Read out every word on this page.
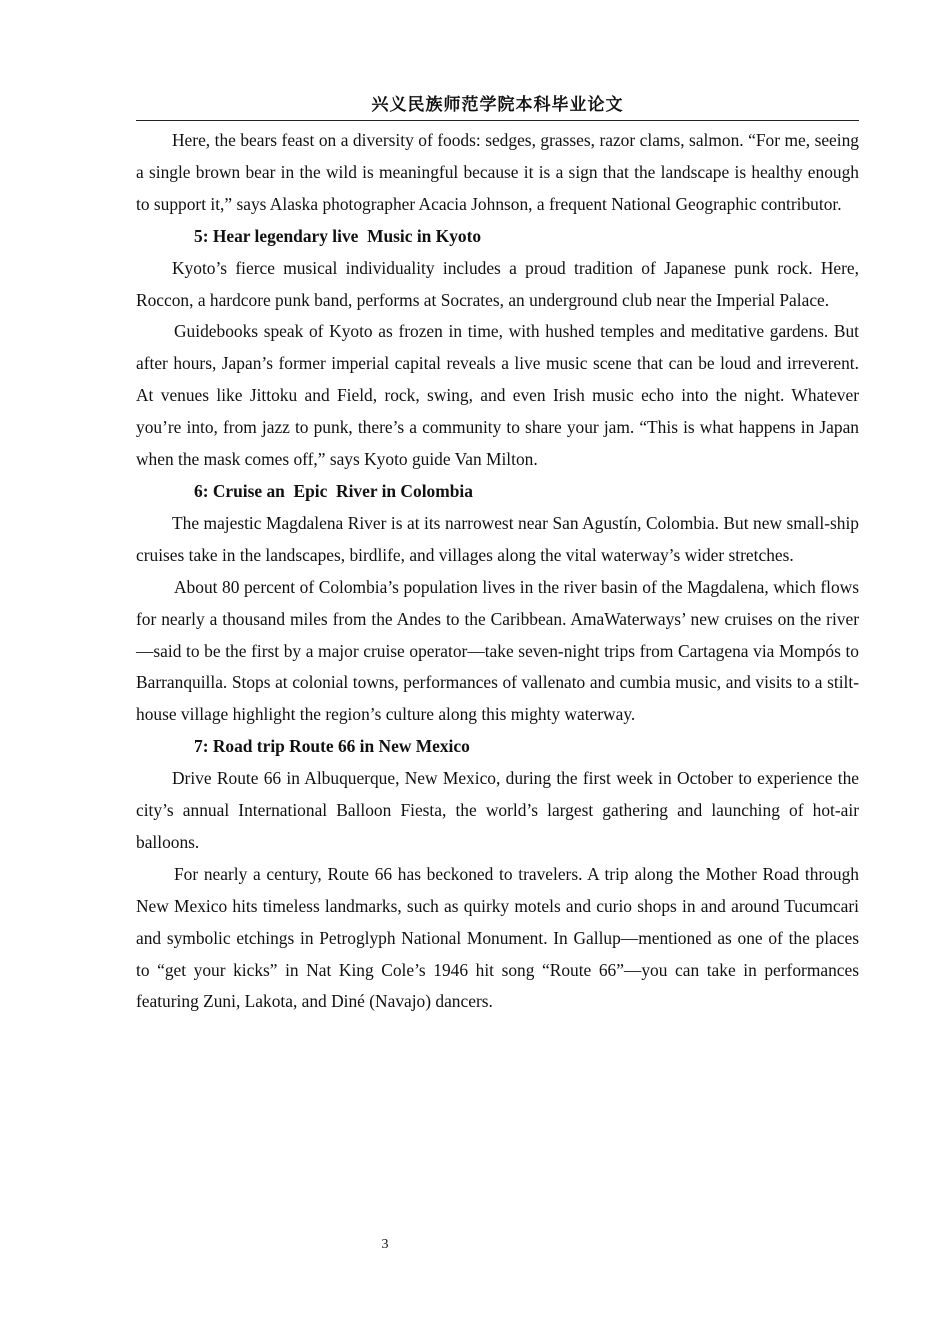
兴义民族师范学院本科毕业论文

Here, the bears feast on a diversity of foods: sedges, grasses, razor clams, salmon. “For me, seeing a single brown bear in the wild is meaningful because it is a sign that the landscape is healthy enough to support it,” says Alaska photographer Acacia Johnson, a frequent National Geographic contributor.

5: Hear legendary live  Music in Kyoto

Kyoto’s fierce musical individuality includes a proud tradition of Japanese punk rock. Here, Roccon, a hardcore punk band, performs at Socrates, an underground club near the Imperial Palace.

Guidebooks speak of Kyoto as frozen in time, with hushed temples and meditative gardens. But after hours, Japan’s former imperial capital reveals a live music scene that can be loud and irreverent. At venues like Jittoku and Field, rock, swing, and even Irish music echo into the night. Whatever you’re into, from jazz to punk, there’s a community to share your jam. “This is what happens in Japan when the mask comes off,” says Kyoto guide Van Milton.

6: Cruise an  Epic  River in Colombia

The majestic Magdalena River is at its narrowest near San Agustín, Colombia. But new small-ship cruises take in the landscapes, birdlife, and villages along the vital waterway’s wider stretches.

About 80 percent of Colombia’s population lives in the river basin of the Magdalena, which flows for nearly a thousand miles from the Andes to the Caribbean. AmaWaterways’ new cruises on the river—said to be the first by a major cruise operator—take seven-night trips from Cartagena via Mompós to Barranquilla. Stops at colonial towns, performances of vallenato and cumbia music, and visits to a stilt-house village highlight the region’s culture along this mighty waterway.

7: Road trip Route 66 in New Mexico

Drive Route 66 in Albuquerque, New Mexico, during the first week in October to experience the city’s annual International Balloon Fiesta, the world’s largest gathering and launching of hot-air balloons.

For nearly a century, Route 66 has beckoned to travelers. A trip along the Mother Road through New Mexico hits timeless landmarks, such as quirky motels and curio shops in and around Tucumcari and symbolic etchings in Petroglyph National Monument. In Gallup—mentioned as one of the places to “get your kicks” in Nat King Cole’s 1946 hit song “Route 66”—you can take in performances featuring Zuni, Lakota, and Diné (Navajo) dancers.

3
